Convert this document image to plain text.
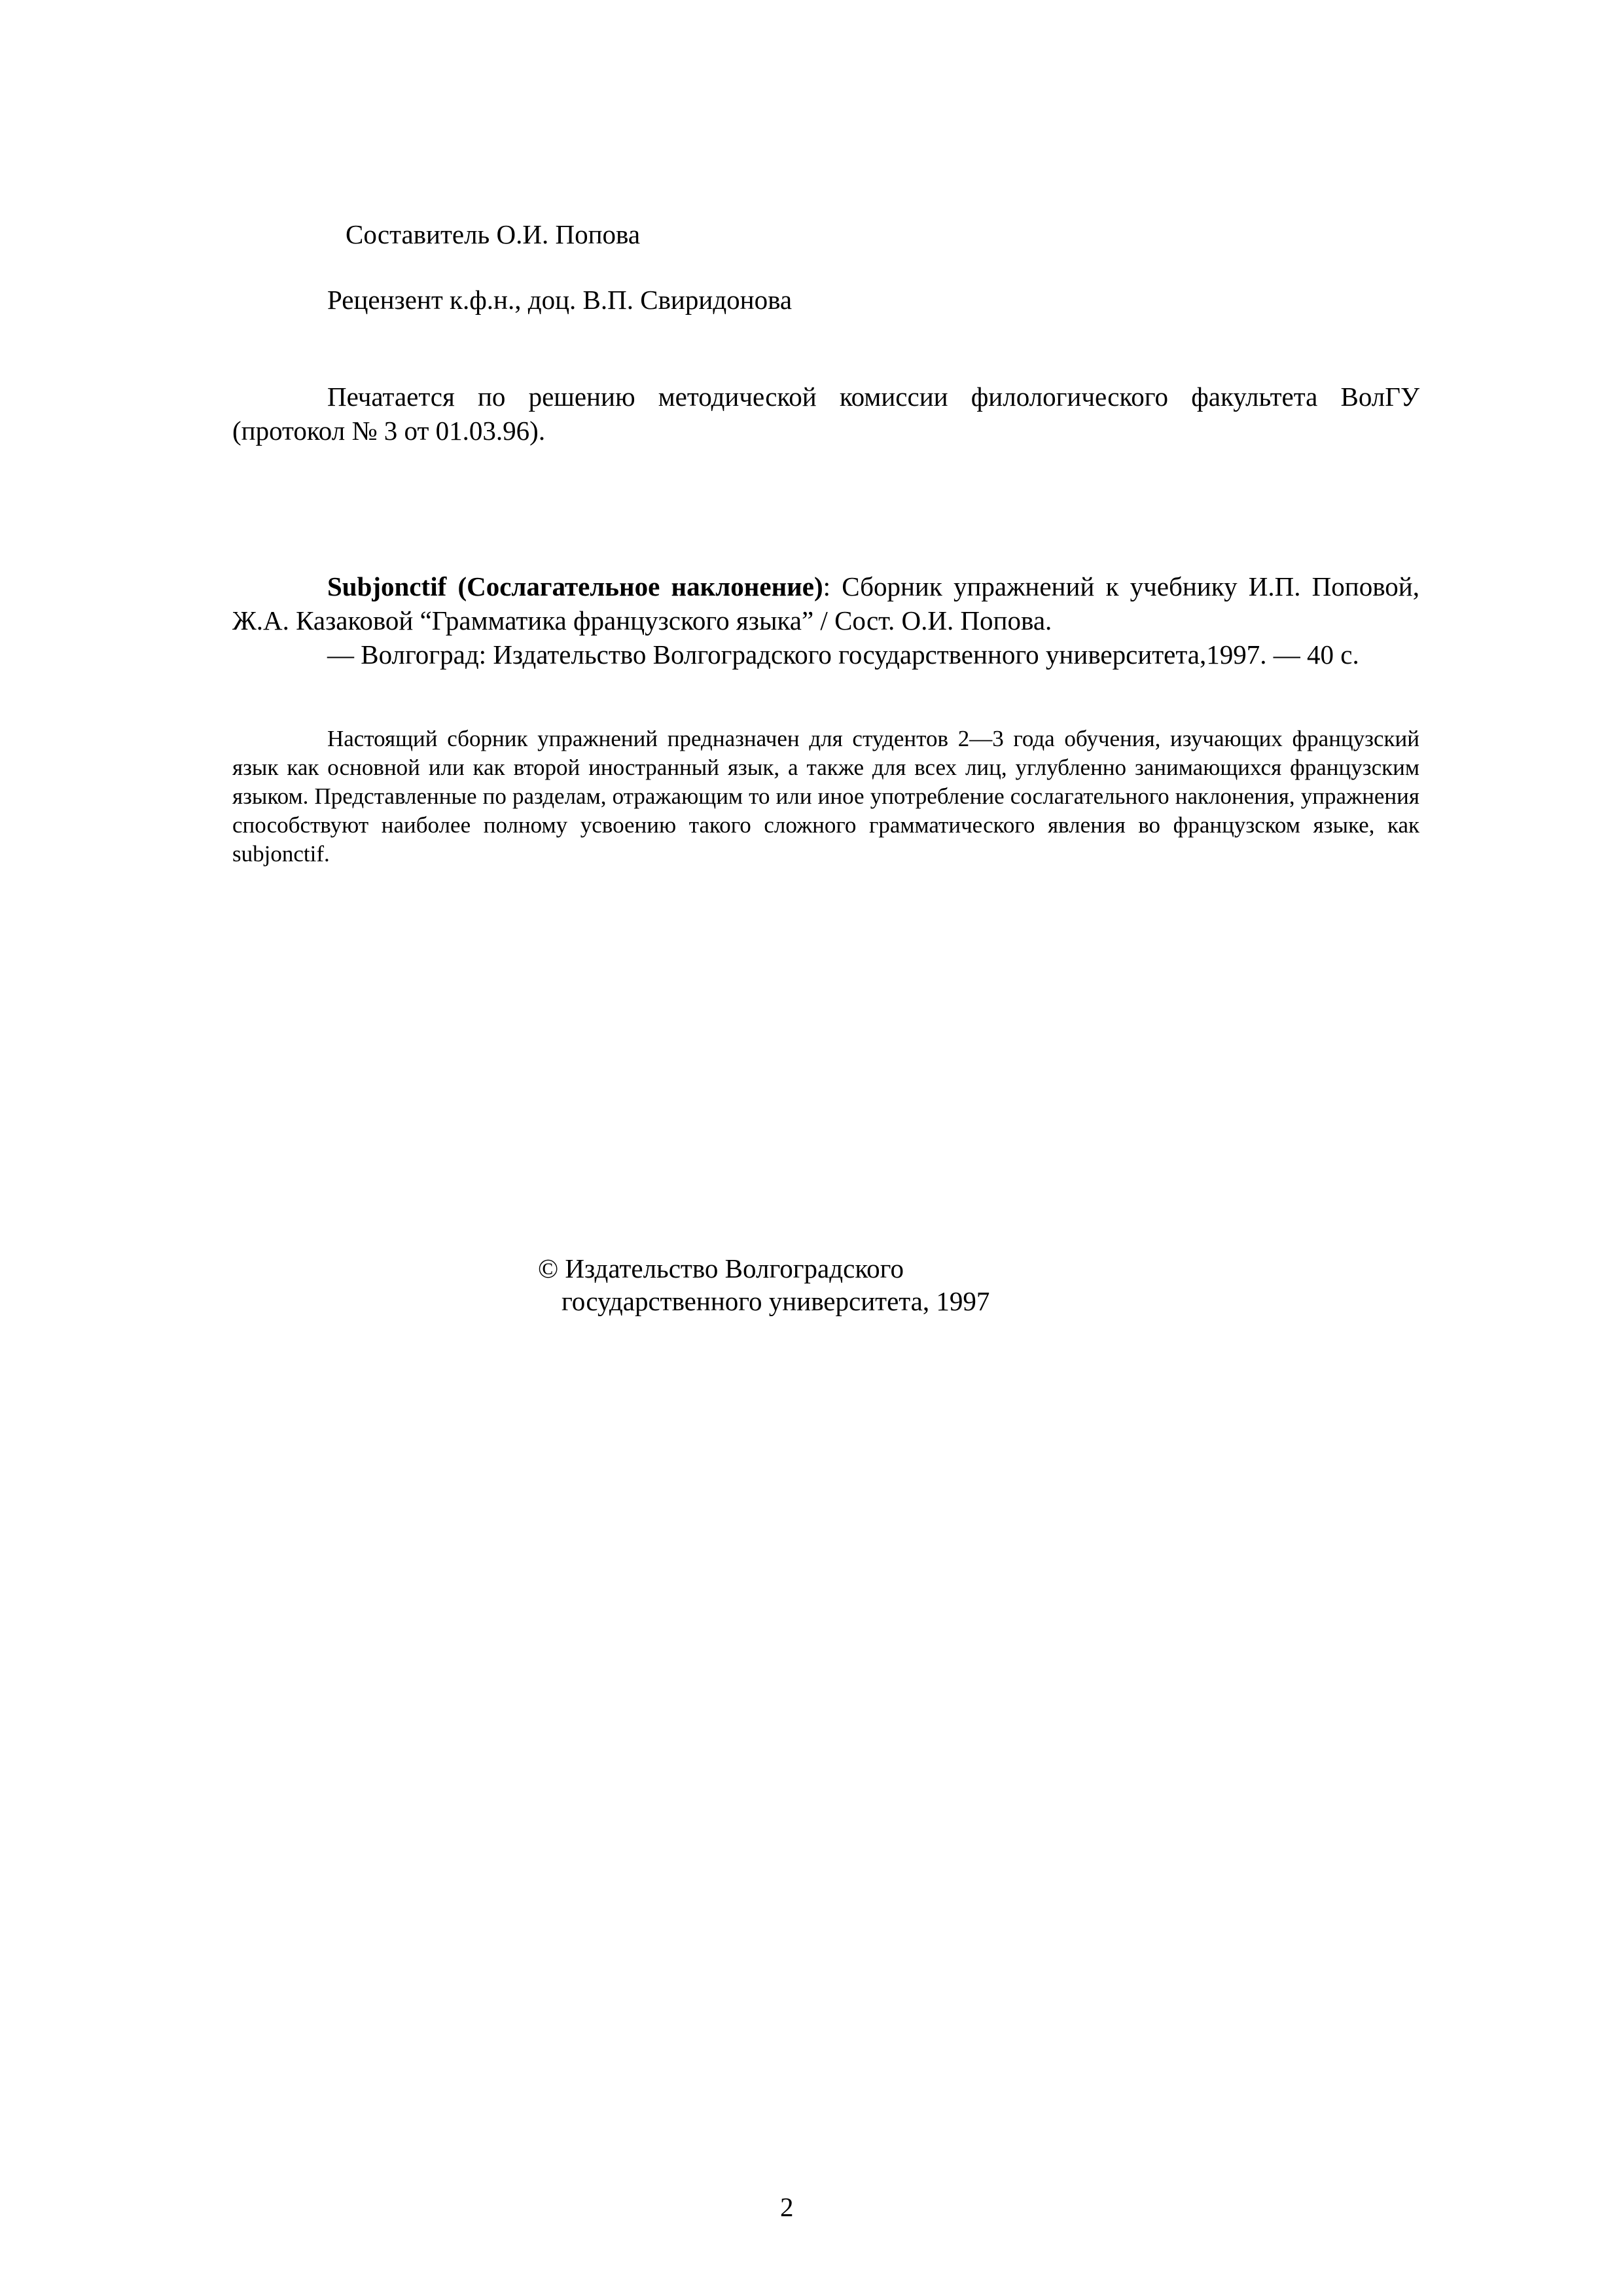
Составитель О.И. Попова
Рецензент к.ф.н., доц. В.П. Свиридонова
Печатается по решению методической комиссии филологического факультета ВолГУ (протокол № 3 от 01.03.96).
Subjonctif (Сослагательное наклонение): Сборник упражнений к учебнику И.П. Поповой, Ж.А. Казаковой “Грамматика французского языка” / Сост. О.И. Попова.
— Волгоград: Издательство Волгоградского государственного университета,1997. — 40 с.
Настоящий сборник упражнений предназначен для студентов 2—3 года обучения, изучающих французский язык как основной или как второй иностранный язык, а также для всех лиц, углубленно занимающихся французским языком. Представленные по разделам, отражающим то или иное употребление сослагательного наклонения, упражнения способствуют наиболее полному усвоению такого сложного грамматического явления во французском языке, как subjonctif.
© Издательство Волгоградского
государственного университета, 1997
2
